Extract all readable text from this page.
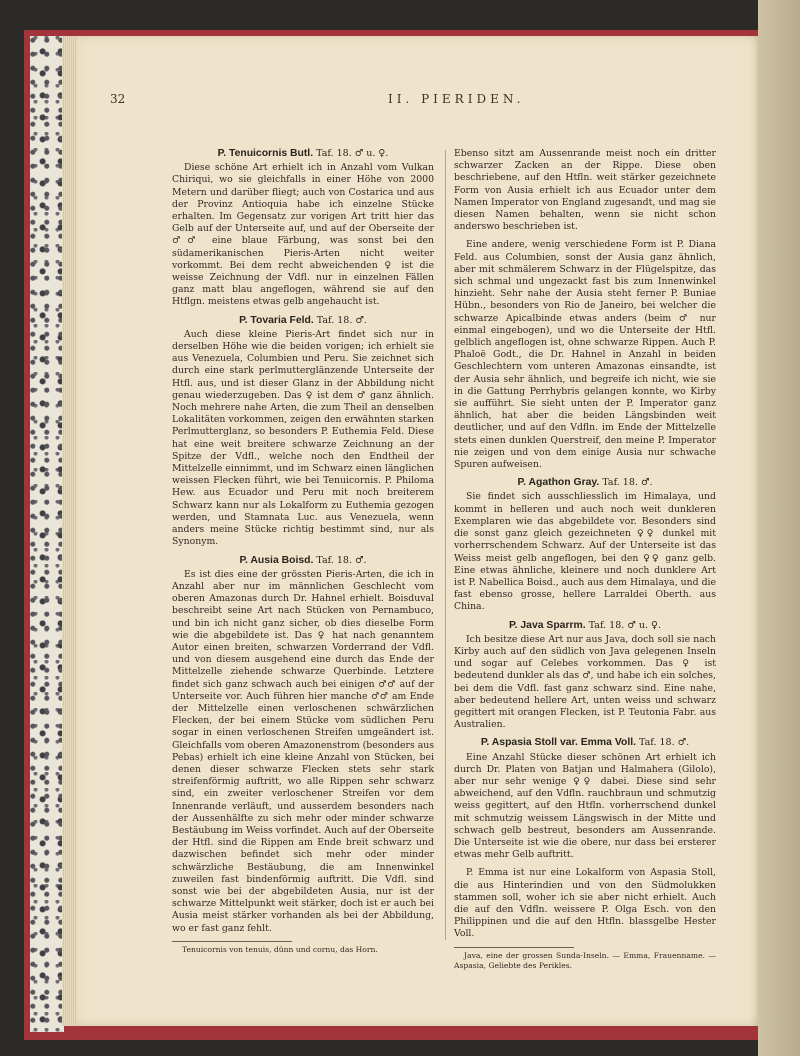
32	II. PIERIDEN.
P. Tenuicornis Butl. Taf. 18. ♂ u. ♀.

Diese schöne Art erhielt ich in Anzahl vom Vulkan Chiriqui, wo sie gleichfalls in einer Höhe von 2000 Metern und darüber fliegt; auch von Costarica und aus der Provinz Antioquia habe ich einzelne Stücke erhalten. Im Gegensatz zur vorigen Art tritt hier das Gelb auf der Unterseite auf, und auf der Oberseite der ♂♂ eine blaue Färbung, was sonst bei den südamerikanischen Pieris-Arten nicht weiter vorkommt. Bei dem recht abweichenden ♀ ist die weisse Zeichnung der Vdfl. nur in einzelnen Fällen ganz matt blau angeflogen, während sie auf den Htflgn. meistens etwas gelb angehaucht ist.

P. Tovaria Feld. Taf. 18. ♂.

Auch diese kleine Pieris-Art findet sich nur in derselben Höhe wie die beiden vorigen; ich erhielt sie aus Venezuela, Columbien und Peru. Sie zeichnet sich durch eine stark perlmutterglänzende Unterseite der Htfl. aus, und ist dieser Glanz in der Abbildung nicht genau wiederzugeben. Das ♀ ist dem ♂ ganz ähnlich. Noch mehrere nahe Arten, die zum Theil an denselben Lokalitäten vorkommen, zeigen den erwähnten starken Perlmutterglanz, so besonders P. Euthemia Feld. Diese hat eine weit breitere schwarze Zeichnung an der Spitze der Vdfl., welche noch den Endtheil der Mittelzelle einnimmt, und im Schwarz einen länglichen weissen Flecken führt, wie bei Tenuicornis. P. Philoma Hew. aus Ecuador und Peru mit noch breiterem Schwarz kann nur als Lokalform zu Euthemia gezogen werden, und Stamnata Luc. aus Venezuela, wenn anders meine Stücke richtig bestimmt sind, nur als Synonym.

P. Ausia Boisd. Taf. 18. ♂.

Es ist dies eine der grössten Pieris-Arten, die ich in Anzahl aber nur im männlichen Geschlecht vom oberen Amazonas durch Dr. Hahnel erhielt. Boisduval beschreibt seine Art nach Stücken von Pernambuco, und bin ich nicht ganz sicher, ob dies dieselbe Form wie die abgebildete ist. Das ♀ hat nach genanntem Autor einen breiten, schwarzen Vorderrand der Vdfl. und von diesem ausgehend eine durch das Ende der Mittelzelle ziehende schwarze Querbinde. Letztere findet sich ganz schwach auch bei einigen ♂♂ auf der Unterseite vor. Auch führen hier manche ♂♂ am Ende der Mittelzelle einen verloschenen schwärzlichen Flecken, der bei einem Stücke vom südlichen Peru sogar in einen verloschenen Streifen umgeändert ist. Gleichfalls vom oberen Amazonenstrom (besonders aus Pebas) erhielt ich eine kleine Anzahl von Stücken, bei denen dieser schwarze Flecken stets sehr stark streifenförmig auftritt, wo alle Rippen sehr schwarz sind, ein zweiter verloschener Streifen vor dem Innenrande verläuft, und ausserdem besonders nach der Aussenhälfte zu sich mehr oder minder schwarze Bestäubung im Weiss vorfindet. Auch auf der Oberseite der Htfl. sind die Rippen am Ende breit schwarz und dazwischen befindet sich mehr oder minder schwärzliche Bestäubung, die am Innenwinkel zuweilen fast bindenförmig auftritt. Die Vdfl. sind sonst wie bei der abgebildeten Ausia, nur ist der schwarze Mittelpunkt weit stärker, doch ist er auch bei Ausia meist stärker vorhanden als bei der Abbildung, wo er fast ganz fehlt.

Tenuicornis von tenuis, dünn und cornu, das Horn.

Ebenso sitzt am Aussenrande meist noch ein dritter schwarzer Zacken an der Rippe. Diese oben beschriebene, auf den Htfln. weit stärker gezeichnete Form von Ausia erhielt ich aus Ecuador unter dem Namen Imperator von England zugesandt, und mag sie diesen Namen behalten, wenn sie nicht schon anderswo beschrieben ist.

Eine andere, wenig verschiedene Form ist P. Diana Feld. aus Columbien, sonst der Ausia ganz ähnlich, aber mit schmälerem Schwarz in der Flügelspitze, das sich schmal und ungezackt fast bis zum Innenwinkel hinzieht. Sehr nahe der Ausia steht ferner P. Buniae Hübn., besonders von Rio de Janeiro, bei welcher die schwarze Apicalbinde etwas anders (beim ♂ nur einmal eingebogen), und wo die Unterseite der Htfl. gelblich angeflogen ist, ohne schwarze Rippen. Auch P. Phaloë Godt., die Dr. Hahnel in Anzahl in beiden Geschlechtern vom unteren Amazonas einsandte, ist der Ausia sehr ähnlich, und begreife ich nicht, wie sie in die Gattung Perrhybris gelangen konnte, wo Kirby sie aufführt. Sie sieht unten der P. Imperator ganz ähnlich, hat aber die beiden Längsbinden weit deutlicher, und auf den Vdfln. im Ende der Mittelzelle stets einen dunklen Querstreif, den meine P. Imperator nie zeigen und von dem einige Ausia nur schwache Spuren aufweisen.

P. Agathon Gray. Taf. 18. ♂.

Sie findet sich ausschliesslich im Himalaya, und kommt in helleren und auch noch weit dunkleren Exemplaren wie das abgebildete vor. Besonders sind die sonst ganz gleich gezeichneten ♀♀ dunkel mit vorherrschendem Schwarz. Auf der Unterseite ist das Weiss meist gelb angeflogen, bei den ♀♀ ganz gelb. Eine etwas ähnliche, kleinere und noch dunklere Art ist P. Nabellica Boisd., auch aus dem Himalaya, und die fast ebenso grosse, hellere Larraldei Oberth. aus China.

P. Java Sparrm. Taf. 18. ♂ u. ♀.

Ich besitze diese Art nur aus Java, doch soll sie nach Kirby auch auf den südlich von Java gelegenen Inseln und sogar auf Celebes vorkommen. Das ♀ ist bedeutend dunkler als das ♂, und habe ich ein solches, bei dem die Vdfl. fast ganz schwarz sind. Eine nahe, aber bedeutend hellere Art, unten weiss und schwarz gegittert mit orangen Flecken, ist P. Teutonia Fabr. aus Australien.

P. Aspasia Stoll var. Emma Voll. Taf. 18. ♂.

Eine Anzahl Stücke dieser schönen Art erhielt ich durch Dr. Platen von Batjan und Halmahera (Gilolo), aber nur sehr wenige ♀♀ dabei. Diese sind sehr abweichend, auf den Vdfln. rauchbraun und schmutzig weiss gegittert, auf den Htfln. vorherrschend dunkel mit schmutzig weissem Längswisch in der Mitte und schwach gelb bestreut, besonders am Aussenrande. Die Unterseite ist wie die obere, nur dass bei ersterer etwas mehr Gelb auftritt.

P. Emma ist nur eine Lokalform von Aspasia Stoll, die aus Hinterindien und von den Südmolukken stammen soll, woher ich sie aber nicht erhielt. Auch die auf den Vdfln. weissere P. Olga Esch. von den Philippinen und die auf den Htfln. blassgelbe Hester Voll.

Java, eine der grossen Sunda-Inseln. — Emma, Frauenname. — Aspasia, Geliebte des Perikles.
